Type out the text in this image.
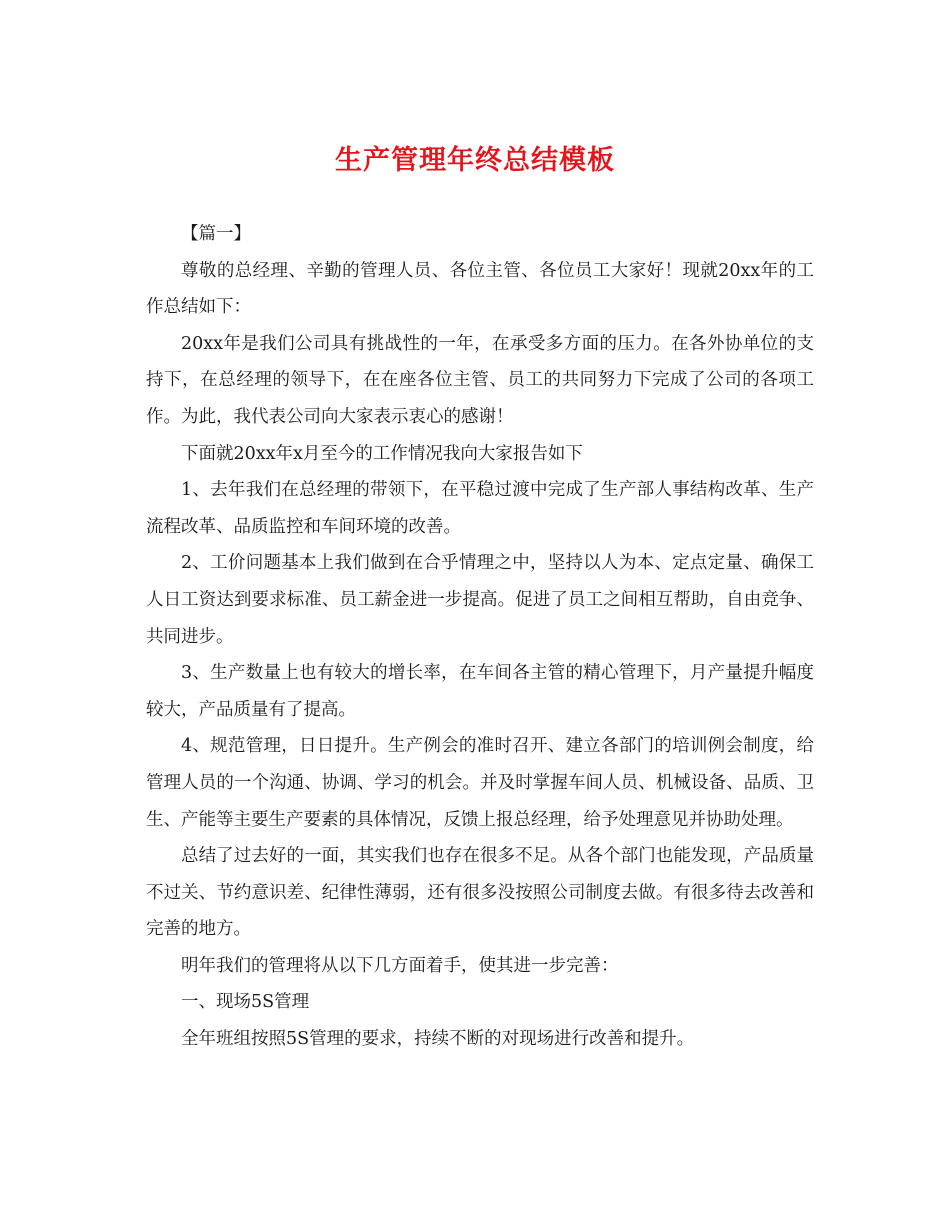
生产管理年终总结模板

【篇一】

尊敬的总经理、辛勤的管理人员、各位主管、各位员工大家好！现就20xx年的工作总结如下：

20xx年是我们公司具有挑战性的一年，在承受多方面的压力。在各外协单位的支持下，在总经理的领导下，在在座各位主管、员工的共同努力下完成了公司的各项工作。为此，我代表公司向大家表示衷心的感谢！

下面就20xx年x月至今的工作情况我向大家报告如下

1、去年我们在总经理的带领下，在平稳过渡中完成了生产部人事结构改革、生产流程改革、品质监控和车间环境的改善。

2、工价问题基本上我们做到在合乎情理之中，坚持以人为本、定点定量、确保工人日工资达到要求标准、员工薪金进一步提高。促进了员工之间相互帮助，自由竞争、共同进步。

3、生产数量上也有较大的增长率，在车间各主管的精心管理下，月产量提升幅度较大，产品质量有了提高。

4、规范管理，日日提升。生产例会的准时召开、建立各部门的培训例会制度，给管理人员的一个沟通、协调、学习的机会。并及时掌握车间人员、机械设备、品质、卫生、产能等主要生产要素的具体情况，反馈上报总经理，给予处理意见并协助处理。

总结了过去好的一面，其实我们也存在很多不足。从各个部门也能发现，产品质量不过关、节约意识差、纪律性薄弱，还有很多没按照公司制度去做。有很多待去改善和完善的地方。

明年我们的管理将从以下几方面着手，使其进一步完善：

一、现场5S管理

全年班组按照5S管理的要求，持续不断的对现场进行改善和提升。
